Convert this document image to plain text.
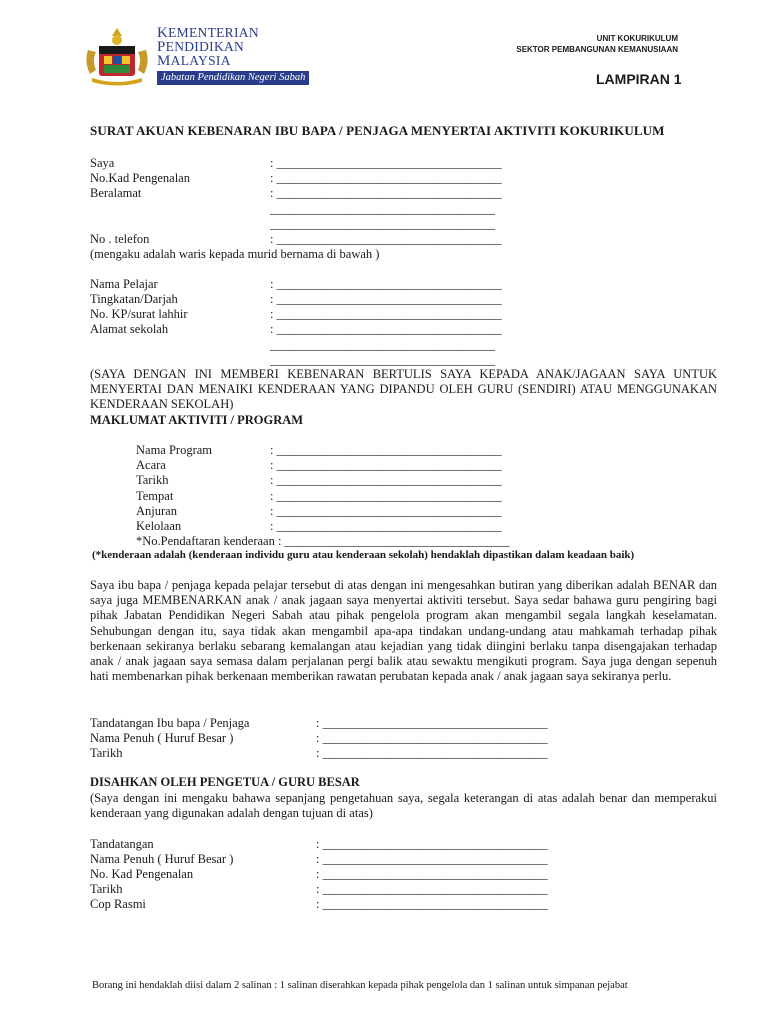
KEMENTERIAN
PENDIDIKAN
MALAYSIA
Jabatan Pendidikan Negeri Sabah
UNIT KOKURIKULUM
SEKTOR PEMBANGUNAN KEMANUSIAAN
LAMPIRAN 1
SURAT AKUAN KEBENARAN IBU BAPA / PENJAGA MENYERTAI AKTIVITI KOKURIKULUM
Saya	: ____________________________________
No.Kad Pengenalan	: ____________________________________
Beralamat	: ____________________________________
____________________________________
____________________________________
No . telefon	: ____________________________________
(mengaku adalah waris kepada murid bernama di bawah )
Nama Pelajar	: ____________________________________
Tingkatan/Darjah	: ____________________________________
No. KP/surat lahhir	: ____________________________________
Alamat sekolah	: ____________________________________
____________________________________
____________________________________
(SAYA DENGAN INI MEMBERI KEBENARAN BERTULIS SAYA KEPADA ANAK/JAGAAN SAYA UNTUK MENYERTAI DAN MENAIKI KENDERAAN YANG DIPANDU OLEH GURU (SENDIRI) ATAU MENGGUNAKAN KENDERAAN SEKOLAH)
MAKLUMAT AKTIVITI / PROGRAM
Nama Program	: ____________________________________
Acara	: ____________________________________
Tarikh	: ____________________________________
Tempat	: ____________________________________
Anjuran	: ____________________________________
Kelolaan	: ____________________________________
*No.Pendaftaran kenderaan : ____________________________________
(*kenderaan adalah (kenderaan individu guru atau kenderaan sekolah) hendaklah dipastikan dalam keadaan baik)
Saya ibu bapa / penjaga kepada pelajar tersebut di atas dengan ini mengesahkan butiran yang diberikan adalah BENAR dan saya juga MEMBENARKAN anak / anak jagaan saya menyertai aktiviti tersebut. Saya sedar bahawa guru pengiring bagi pihak Jabatan Pendidikan Negeri Sabah atau pihak pengelola program akan mengambil segala langkah keselamatan. Sehubungan dengan itu, saya tidak akan mengambil apa-apa tindakan undang-undang atau mahkamah terhadap pihak berkenaan sekiranya berlaku sebarang kemalangan atau kejadian yang tidak diingini berlaku tanpa disengajakan terhadap anak / anak jagaan saya semasa dalam perjalanan pergi balik atau sewaktu mengikuti program. Saya juga dengan sepenuh hati membenarkan pihak berkenaan memberikan rawatan perubatan kepada anak / anak jagaan saya sekiranya perlu.
Tandatangan Ibu bapa / Penjaga	: ____________________________________
Nama Penuh ( Huruf Besar )	: ____________________________________
Tarikh	: ____________________________________
DISAHKAN OLEH PENGETUA / GURU BESAR
(Saya dengan ini mengaku bahawa sepanjang pengetahuan saya, segala keterangan di atas adalah benar dan memperakui kenderaan yang digunakan adalah dengan tujuan di atas)
Tandatangan	: ____________________________________
Nama Penuh ( Huruf Besar )	: ____________________________________
No. Kad Pengenalan	: ____________________________________
Tarikh	: ____________________________________
Cop Rasmi	: ____________________________________
Borang ini hendaklah diisi dalam 2 salinan : 1 salinan diserahkan kepada pihak pengelola dan 1 salinan untuk simpanan pejabat
